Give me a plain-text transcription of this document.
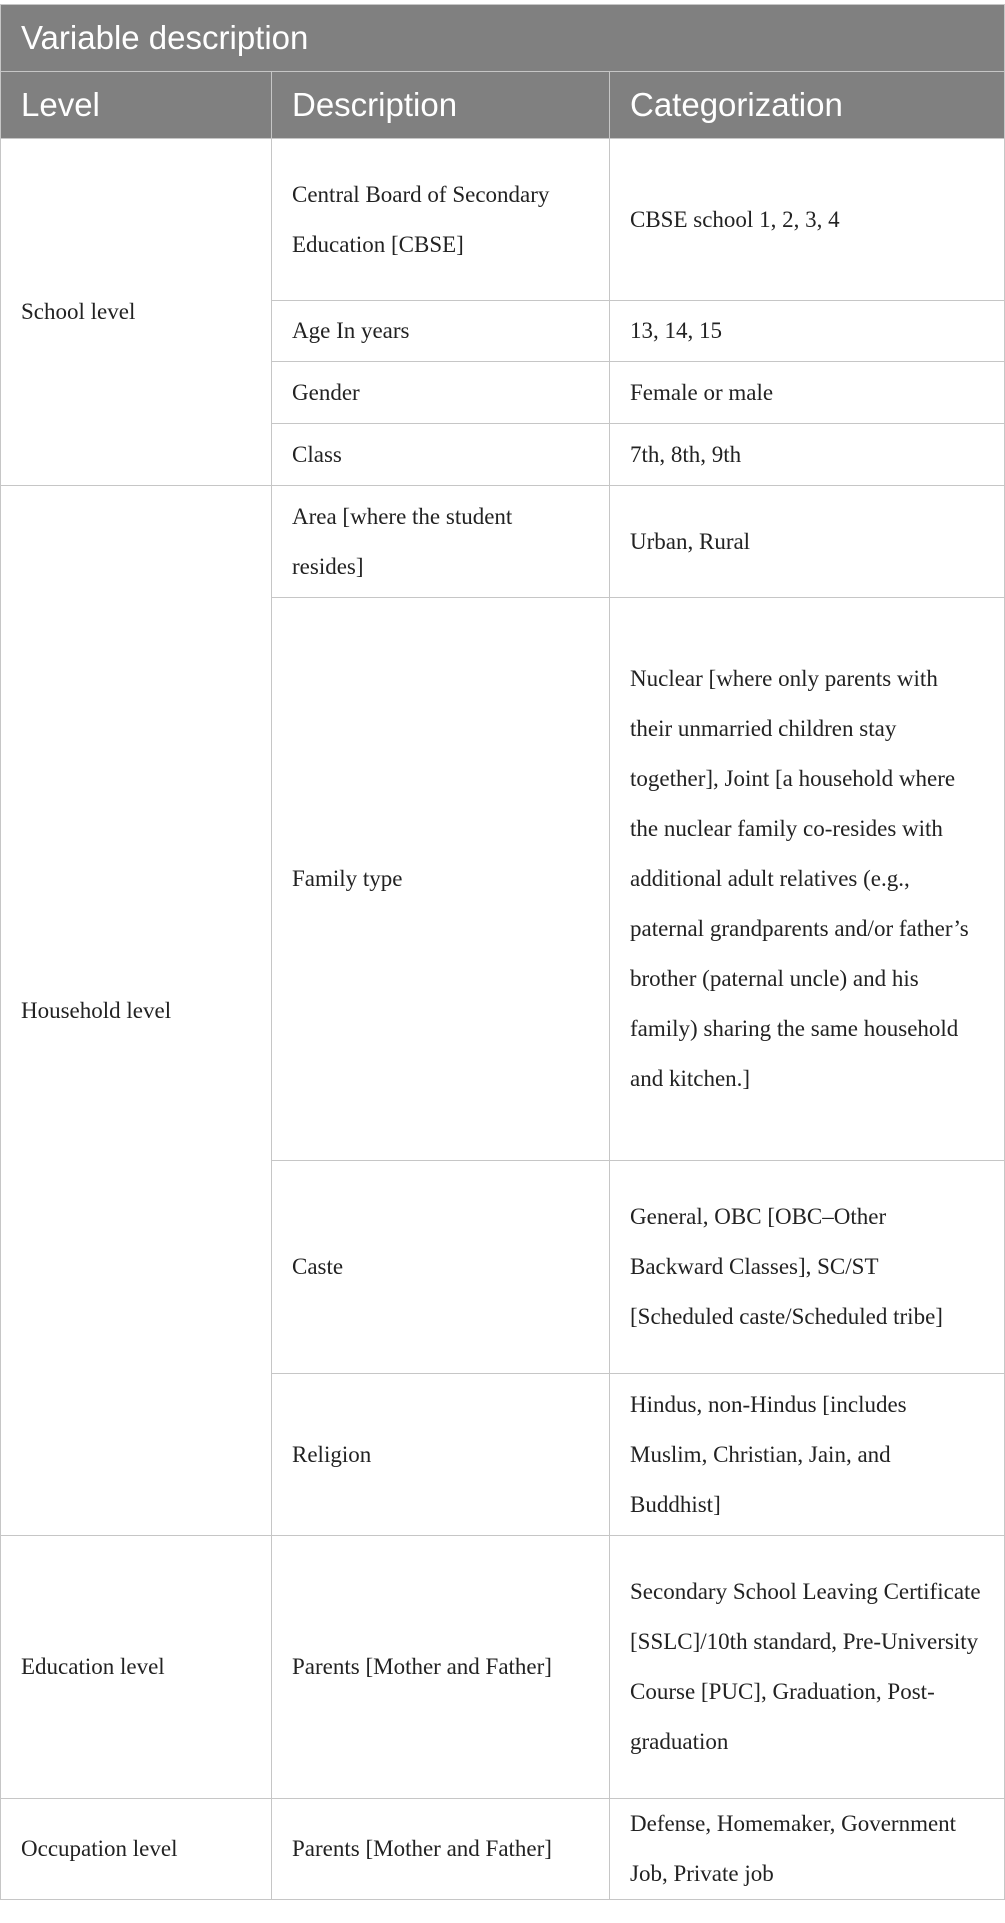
Variable description		
Level	Description	Categorization
School level	Central Board of Secondary Education [CBSE]	CBSE school 1, 2, 3, 4
	Age In years	13, 14, 15
	Gender	Female or male
	Class	7th, 8th, 9th
Household level	Area [where the student resides]	Urban, Rural
	Family type	Nuclear [where only parents with their unmarried children stay together], Joint [a household where the nuclear family co-resides with additional adult relatives (e.g., paternal grandparents and/or father’s brother (paternal uncle) and his family) sharing the same household and kitchen.]
	Caste	General, OBC [OBC–Other Backward Classes], SC/ST [Scheduled caste/Scheduled tribe]
	Religion	Hindus, non-Hindus [includes Muslim, Christian, Jain, and Buddhist]
Education level	Parents [Mother and Father]	Secondary School Leaving Certificate [SSLC]/10th standard, Pre-University Course [PUC], Graduation, Post-graduation
Occupation level	Parents [Mother and Father]	Defense, Homemaker, Government Job, Private job
